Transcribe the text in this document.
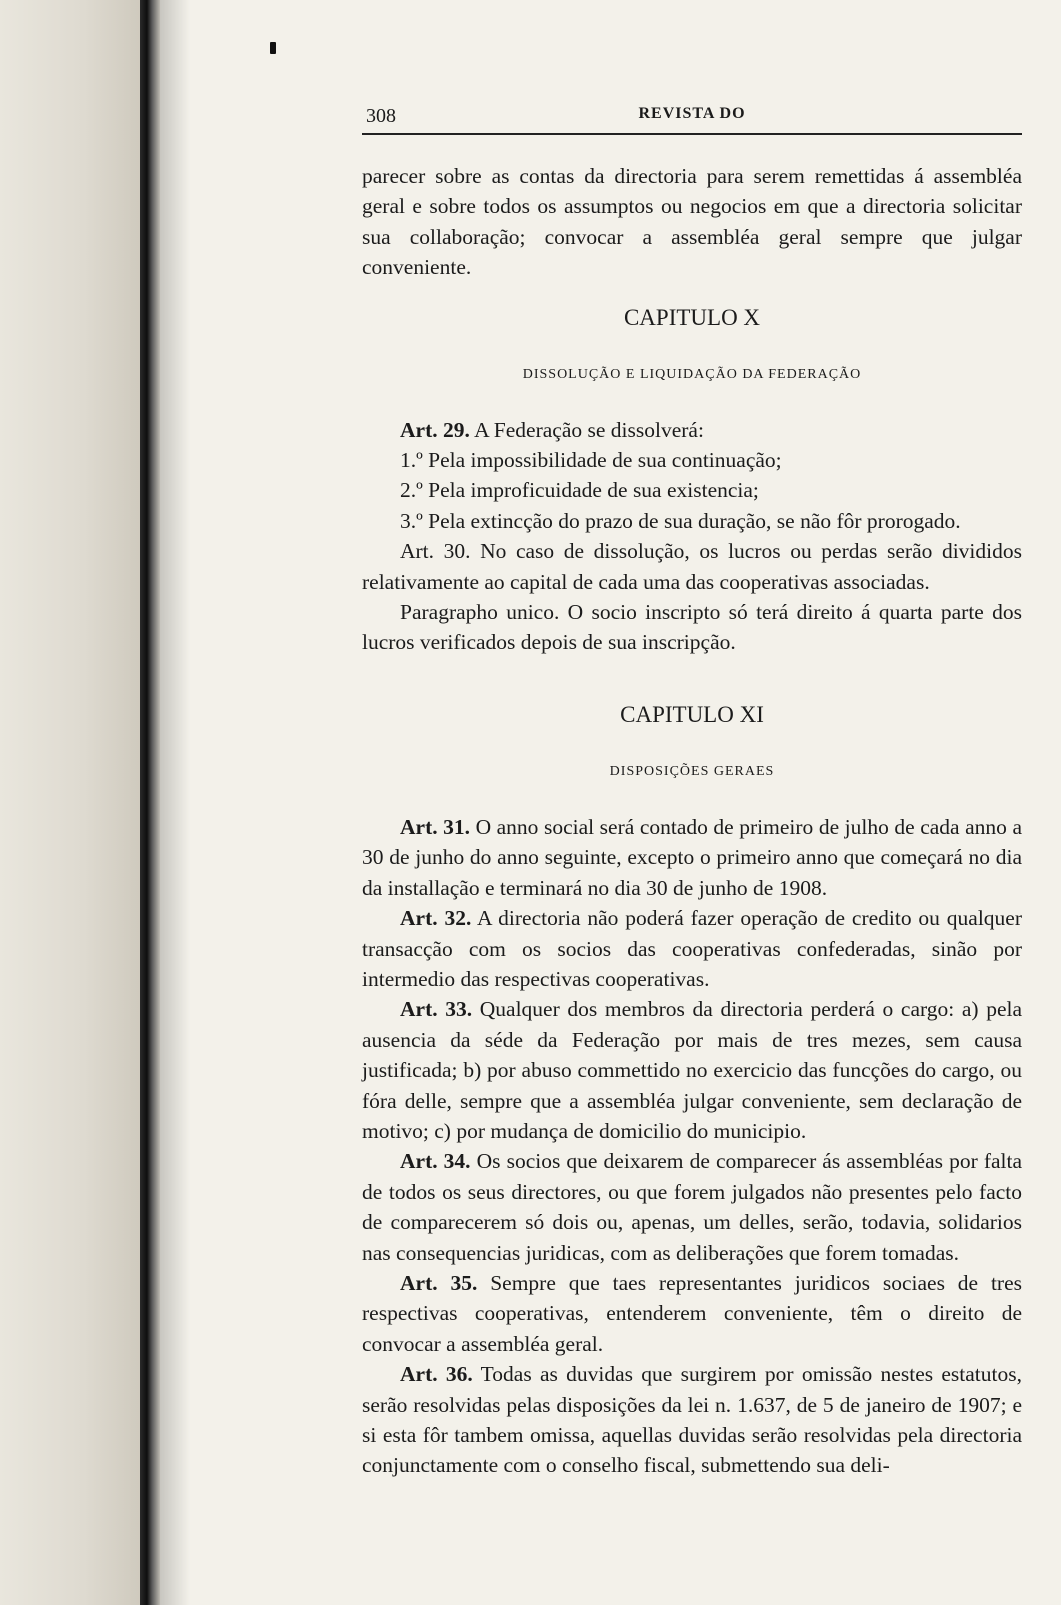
308	REVISTA DO

parecer sobre as contas da directoria para serem remettidas á assembléa geral e sobre todos os assumptos ou negocios em que a directoria solicitar sua collaboração; convocar a assembléa geral sempre que julgar conveniente.

CAPITULO X
DISSOLUÇÃO E LIQUIDAÇÃO DA FEDERAÇÃO

Art. 29. A Federação se dissolverá:

1.º Pela impossibilidade de sua continuação;

2.º Pela improficuidade de sua existencia;

3.º Pela extincção do prazo de sua duração, se não fôr prorogado.

Art. 30. No caso de dissolução, os lucros ou perdas serão divididos relativamente ao capital de cada uma das cooperativas associadas.

Paragrapho unico. O socio inscripto só terá direito á quarta parte dos lucros verificados depois de sua inscripção.

CAPITULO XI
DISPOSIÇÕES GERAES

Art. 31. O anno social será contado de primeiro de julho de cada anno a 30 de junho do anno seguinte, excepto o primeiro anno que começará no dia da installação e terminará no dia 30 de junho de 1908.

Art. 32. A directoria não poderá fazer operação de credito ou qualquer transacção com os socios das cooperativas confederadas, sinão por intermedio das respectivas cooperativas.

Art. 33. Qualquer dos membros da directoria perderá o cargo: a) pela ausencia da séde da Federação por mais de tres mezes, sem causa justificada; b) por abuso commettido no exercicio das funcções do cargo, ou fóra delle, sempre que a assembléa julgar conveniente, sem declaração de motivo; c) por mudança de domicilio do municipio.

Art. 34. Os socios que deixarem de comparecer ás assembléas por falta de todos os seus directores, ou que forem julgados não presentes pelo facto de comparecerem só dois ou, apenas, um delles, serão, todavia, solidarios nas consequencias juridicas, com as deliberações que forem tomadas.

Art. 35. Sempre que taes representantes juridicos sociaes de tres respectivas cooperativas, entenderem conveniente, têm o direito de convocar a assembléa geral.

Art. 36. Todas as duvidas que surgirem por omissão nestes estatutos, serão resolvidas pelas disposições da lei n. 1.637, de 5 de janeiro de 1907; e si esta fôr tambem omissa, aquellas duvidas serão resolvidas pela directoria conjunctamente com o conselho fiscal, submettendo sua deli-
